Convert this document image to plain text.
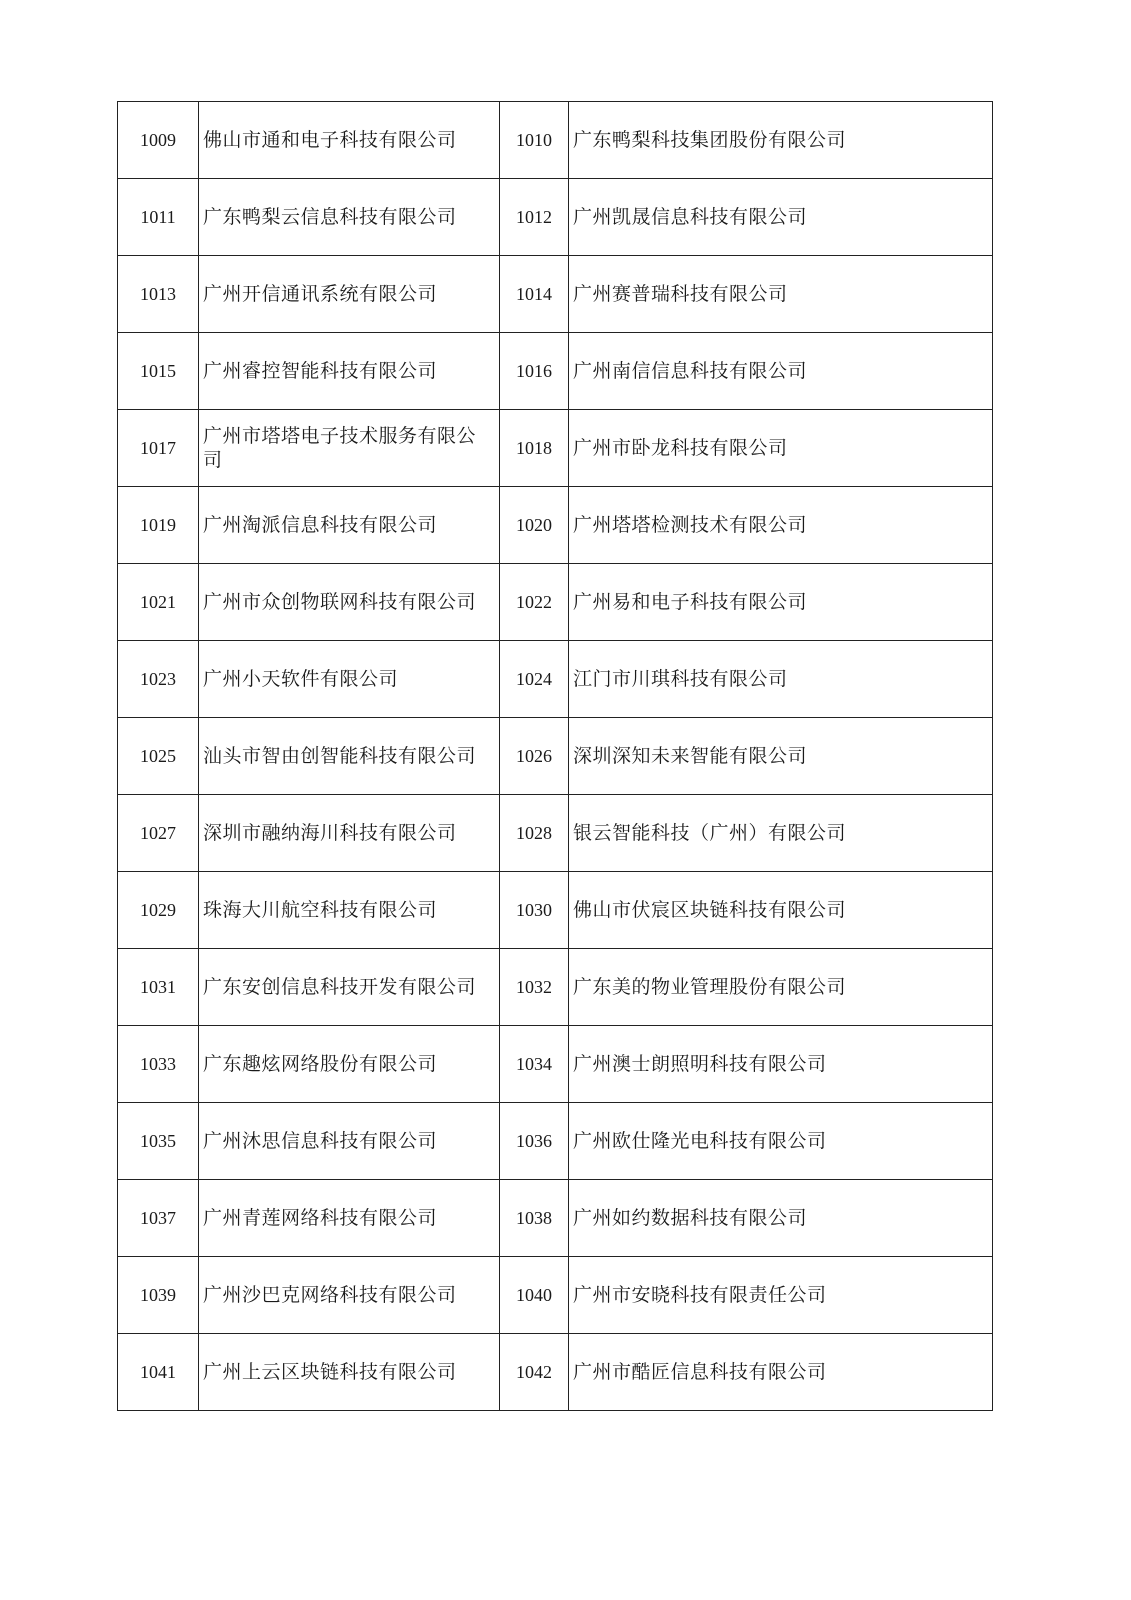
1009	佛山市通和电子科技有限公司	1010	广东鸭梨科技集团股份有限公司
1011	广东鸭梨云信息科技有限公司	1012	广州凯晟信息科技有限公司
1013	广州开信通讯系统有限公司	1014	广州赛普瑞科技有限公司
1015	广州睿控智能科技有限公司	1016	广州南信信息科技有限公司
1017	广州市塔塔电子技术服务有限公司	1018	广州市卧龙科技有限公司
1019	广州淘派信息科技有限公司	1020	广州塔塔检测技术有限公司
1021	广州市众创物联网科技有限公司	1022	广州易和电子科技有限公司
1023	广州小天软件有限公司	1024	江门市川琪科技有限公司
1025	汕头市智由创智能科技有限公司	1026	深圳深知未来智能有限公司
1027	深圳市融纳海川科技有限公司	1028	银云智能科技（广州）有限公司
1029	珠海大川航空科技有限公司	1030	佛山市伏宸区块链科技有限公司
1031	广东安创信息科技开发有限公司	1032	广东美的物业管理股份有限公司
1033	广东趣炫网络股份有限公司	1034	广州澳士朗照明科技有限公司
1035	广州沐思信息科技有限公司	1036	广州欧仕隆光电科技有限公司
1037	广州青莲网络科技有限公司	1038	广州如约数据科技有限公司
1039	广州沙巴克网络科技有限公司	1040	广州市安晓科技有限责任公司
1041	广州上云区块链科技有限公司	1042	广州市酷匠信息科技有限公司
